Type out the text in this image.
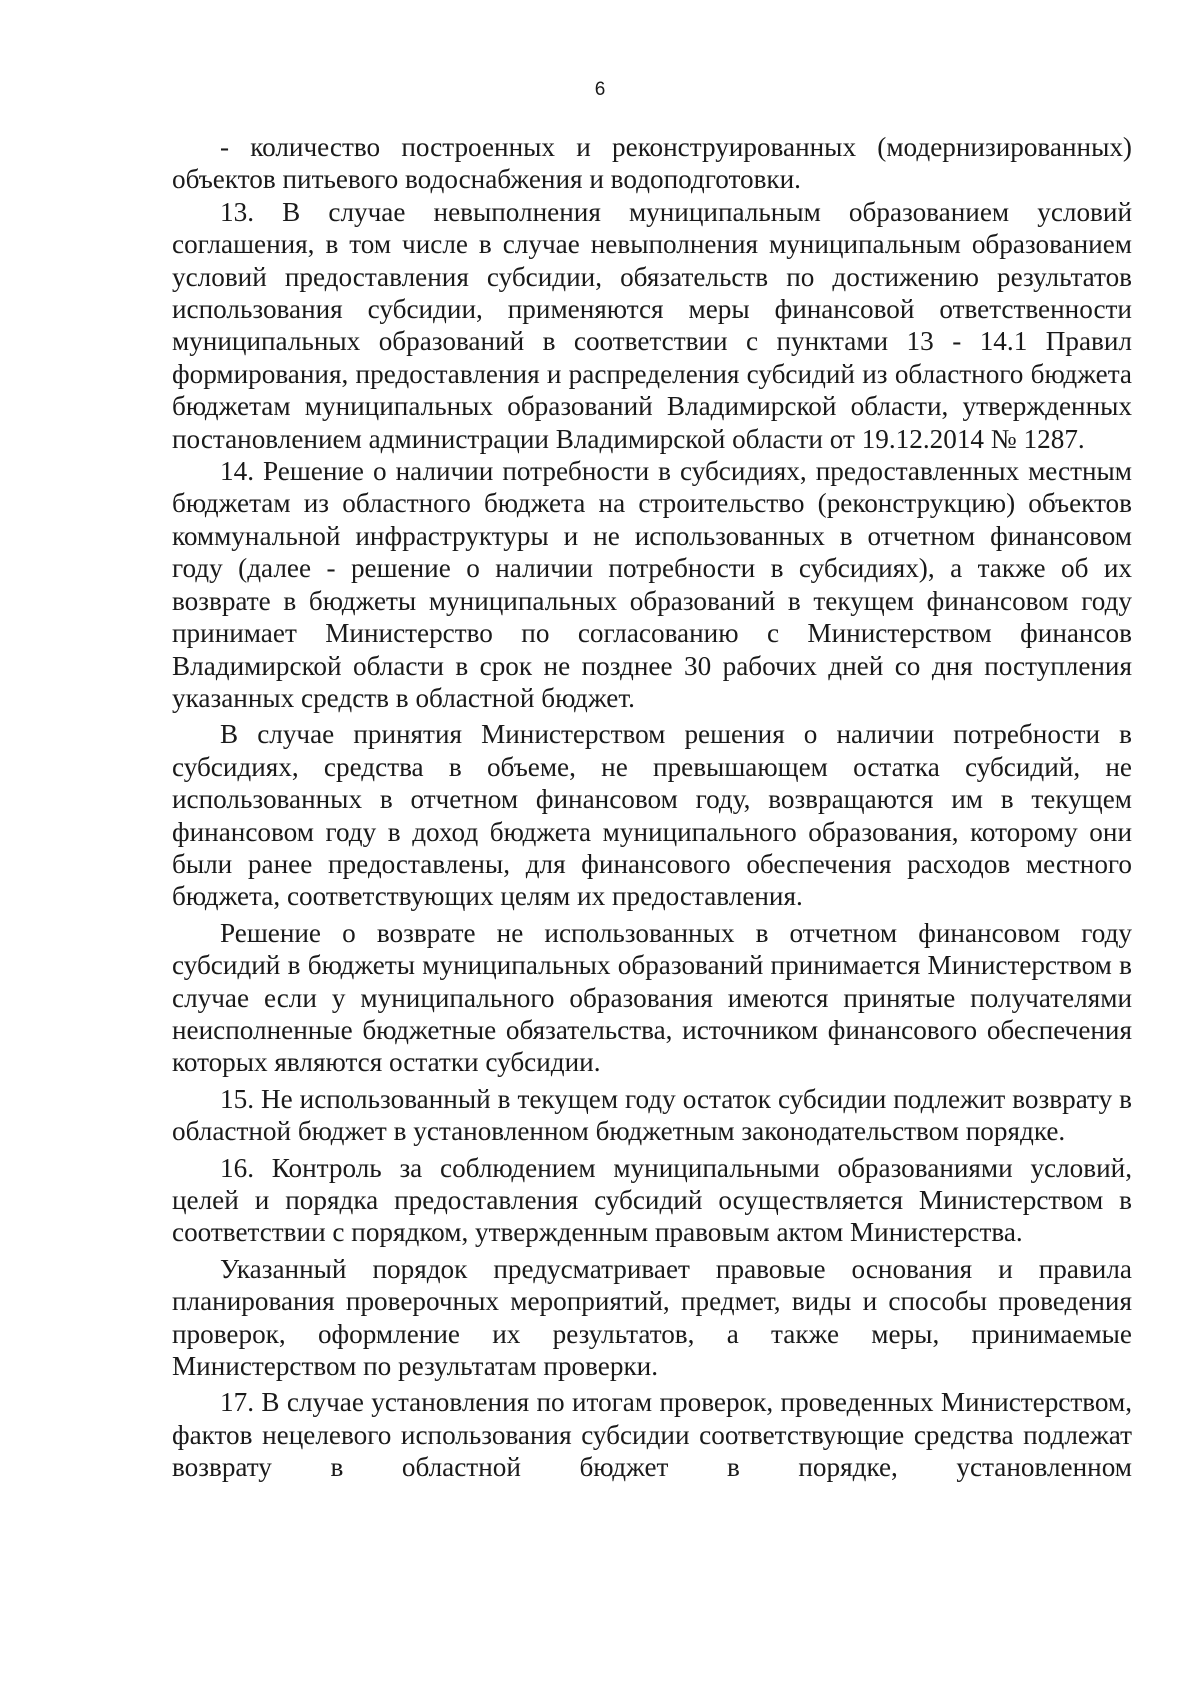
6

- количество построенных и реконструированных (модернизированных) объектов питьевого водоснабжения и водоподготовки.

13. В случае невыполнения муниципальным образованием условий соглашения, в том числе в случае невыполнения муниципальным образованием условий предоставления субсидии, обязательств по достижению результатов использования субсидии, применяются меры финансовой ответственности муниципальных образований в соответствии с пунктами 13 - 14.1 Правил формирования, предоставления и распределения субсидий из областного бюджета бюджетам муниципальных образований Владимирской области, утвержденных постановлением администрации Владимирской области от 19.12.2014 № 1287.

14. Решение о наличии потребности в субсидиях, предоставленных местным бюджетам из областного бюджета на строительство (реконструкцию) объектов коммунальной инфраструктуры и не использованных в отчетном финансовом году (далее - решение о наличии потребности в субсидиях), а также об их возврате в бюджеты муниципальных образований в текущем финансовом году принимает Министерство по согласованию с Министерством финансов Владимирской области в срок не позднее 30 рабочих дней со дня поступления указанных средств в областной бюджет.

В случае принятия Министерством решения о наличии потребности в субсидиях, средства в объеме, не превышающем остатка субсидий, не использованных в отчетном финансовом году, возвращаются им в текущем финансовом году в доход бюджета муниципального образования, которому они были ранее предоставлены, для финансового обеспечения расходов местного бюджета, соответствующих целям их предоставления.

Решение о возврате не использованных в отчетном финансовом году субсидий в бюджеты муниципальных образований принимается Министерством в случае если у муниципального образования имеются принятые получателями неисполненные бюджетные обязательства, источником финансового обеспечения которых являются остатки субсидии.

15. Не использованный в текущем году остаток субсидии подлежит возврату в областной бюджет в установленном бюджетным законодательством порядке.

16. Контроль за соблюдением муниципальными образованиями условий, целей и порядка предоставления субсидий осуществляется Министерством в соответствии с порядком, утвержденным правовым актом Министерства.

Указанный порядок предусматривает правовые основания и правила планирования проверочных мероприятий, предмет, виды и способы проведения проверок, оформление их результатов, а также меры, принимаемые Министерством по результатам проверки.

17. В случае установления по итогам проверок, проведенных Министерством, фактов нецелевого использования субсидии соответствующие средства подлежат возврату в областной бюджет в порядке, установленном
